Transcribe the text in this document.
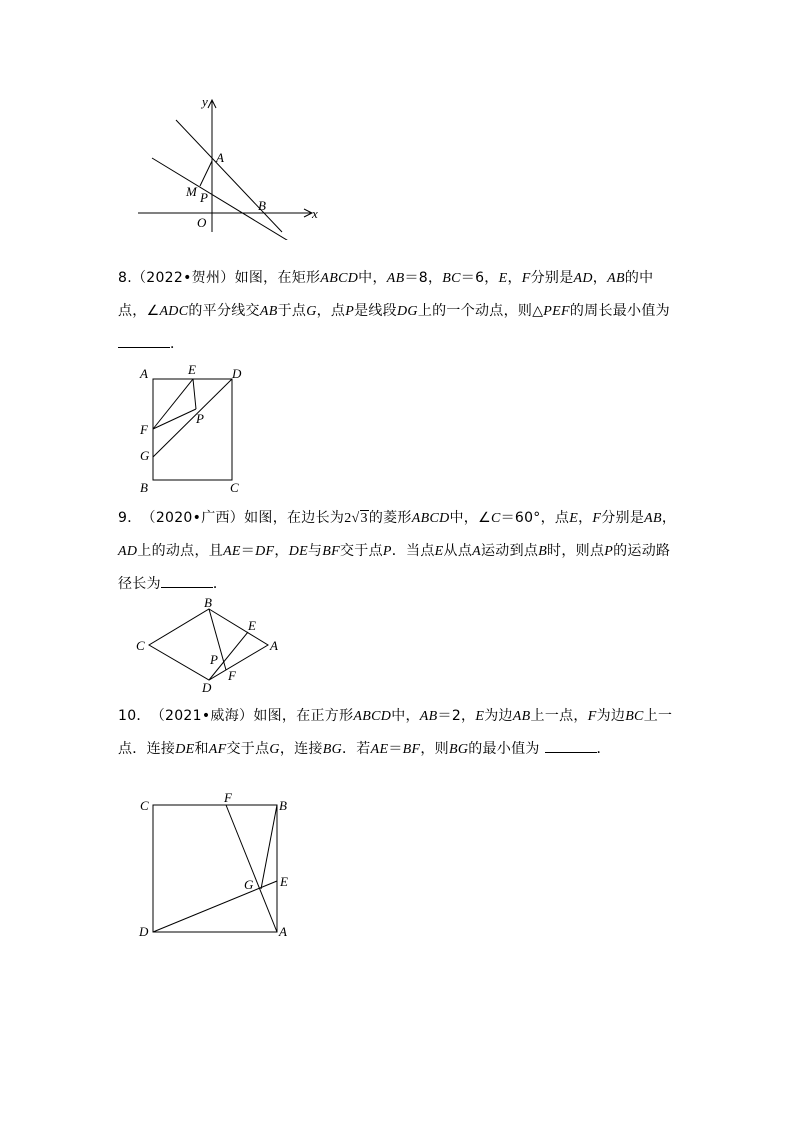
y
x
A
M P
O
B

8.（2022•贺州）如图，在矩形ABCD中，AB＝8，BC＝6，E，F分别是AD，AB的中点，∠ADC的平分线交AB于点G，点P是线段DG上的一个动点，则△PEF的周长最小值为 ．

A	E	D
P
F
G
B	C

9．（2020•广西）如图，在边长为2√3的菱形ABCD中，∠C＝60°，点E，F分别是AB，AD上的动点，且AE＝DF，DE与BF交于点P．当点E从点A运动到点B时，则点P的运动路径长为	．

B
E
C	A
P
D
F

10．（2021•威海）如图，在正方形ABCD中，AB＝2，E为边AB上一点，F为边BC上一点．连接DE和AF交于点G，连接BG．若AE＝BF，则BG的最小值为	．

C
F
B
G E
D	A
